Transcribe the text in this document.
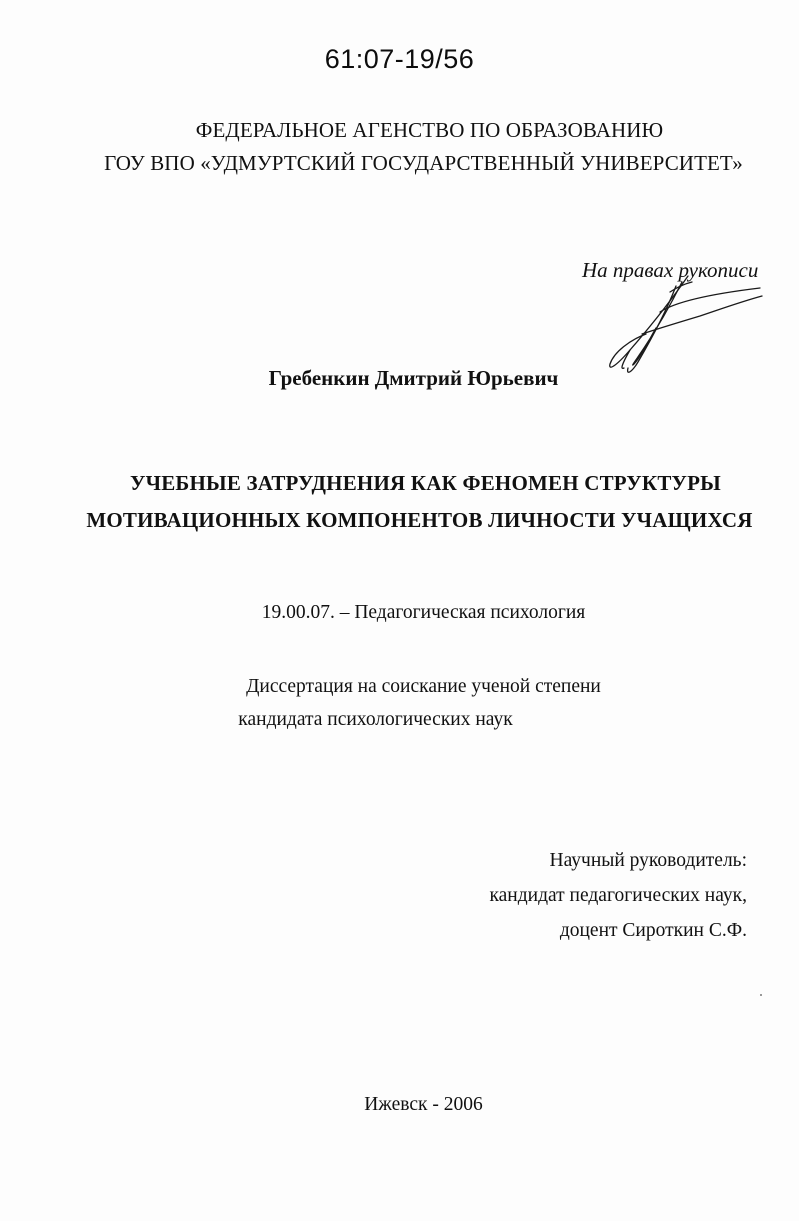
61:07-19/56
ФЕДЕРАЛЬНОЕ АГЕНСТВО ПО ОБРАЗОВАНИЮ
ГОУ ВПО «УДМУРТСКИЙ ГОСУДАРСТВЕННЫЙ УНИВЕРСИТЕТ»
На правах рукописи
Гребенкин Дмитрий Юрьевич
УЧЕБНЫЕ ЗАТРУДНЕНИЯ КАК ФЕНОМЕН СТРУКТУРЫ
МОТИВАЦИОННЫХ КОМПОНЕНТОВ ЛИЧНОСТИ УЧАЩИХСЯ
19.00.07. – Педагогическая психология
Диссертация на соискание ученой степени
кандидата психологических наук
Научный руководитель:
кандидат педагогических наук,
доцент Сироткин С.Ф.
Ижевск - 2006
